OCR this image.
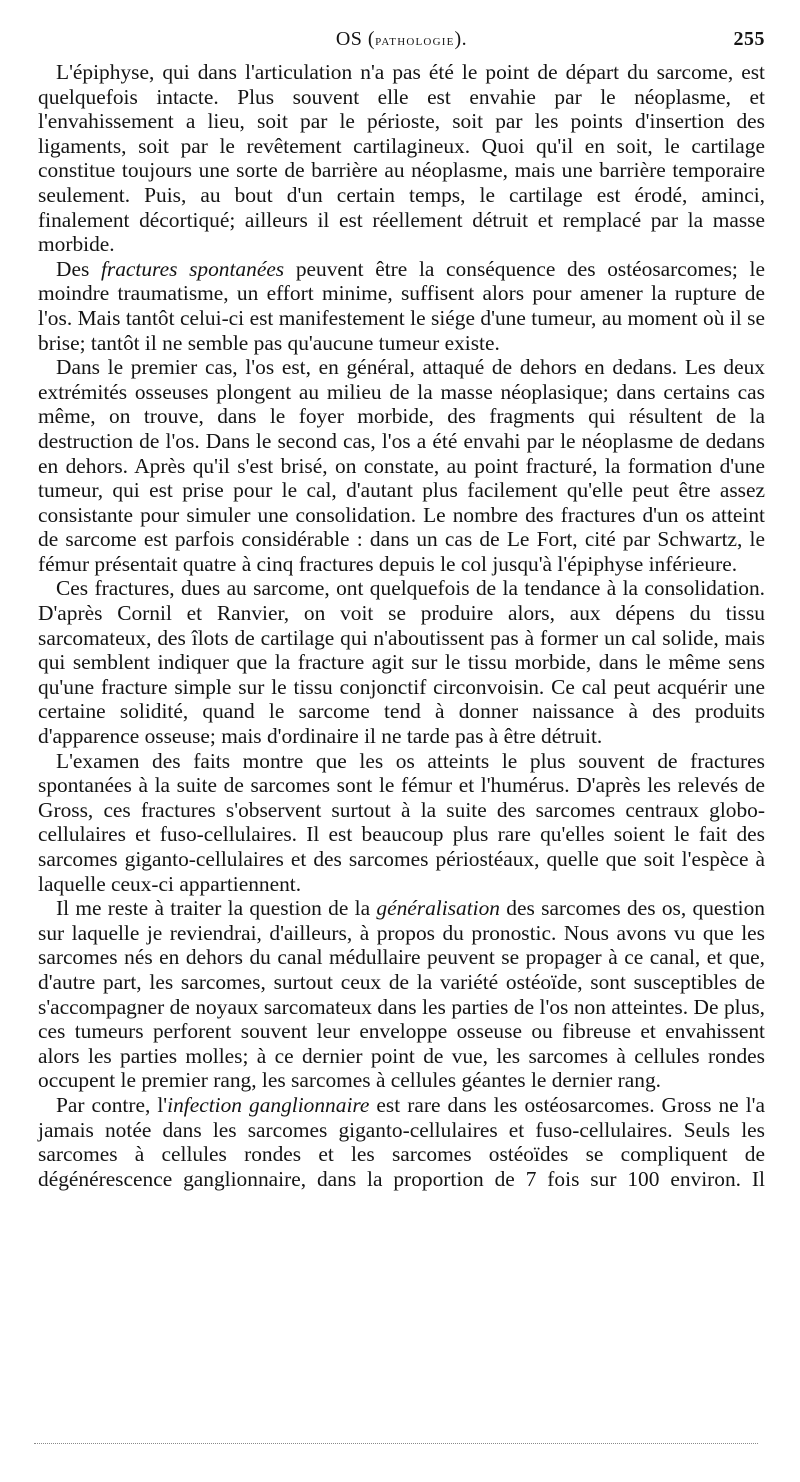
OS (pathologie).	255

L'épiphyse, qui dans l'articulation n'a pas été le point de départ du sarcome, est quelquefois intacte. Plus souvent elle est envahie par le néoplasme, et l'envahissement a lieu, soit par le périoste, soit par les points d'insertion des ligaments, soit par le revêtement cartilagineux. Quoi qu'il en soit, le cartilage constitue toujours une sorte de barrière au néoplasme, mais une barrière temporaire seulement. Puis, au bout d'un certain temps, le cartilage est érodé, aminci, finalement décortiqué; ailleurs il est réellement détruit et remplacé par la masse morbide.

Des fractures spontanées peuvent être la conséquence des ostéosarcomes; le moindre traumatisme, un effort minime, suffisent alors pour amener la rupture de l'os. Mais tantôt celui-ci est manifestement le siége d'une tumeur, au moment où il se brise; tantôt il ne semble pas qu'aucune tumeur existe.

Dans le premier cas, l'os est, en général, attaqué de dehors en dedans. Les deux extrémités osseuses plongent au milieu de la masse néoplasique; dans certains cas même, on trouve, dans le foyer morbide, des fragments qui résultent de la destruction de l'os. Dans le second cas, l'os a été envahi par le néoplasme de dedans en dehors. Après qu'il s'est brisé, on constate, au point fracturé, la formation d'une tumeur, qui est prise pour le cal, d'autant plus facilement qu'elle peut être assez consistante pour simuler une consolidation. Le nombre des fractures d'un os atteint de sarcome est parfois considérable : dans un cas de Le Fort, cité par Schwartz, le fémur présentait quatre à cinq fractures depuis le col jusqu'à l'épiphyse inférieure.

Ces fractures, dues au sarcome, ont quelquefois de la tendance à la consolidation. D'après Cornil et Ranvier, on voit se produire alors, aux dépens du tissu sarcomateux, des îlots de cartilage qui n'aboutissent pas à former un cal solide, mais qui semblent indiquer que la fracture agit sur le tissu morbide, dans le même sens qu'une fracture simple sur le tissu conjonctif circonvoisin. Ce cal peut acquérir une certaine solidité, quand le sarcome tend à donner naissance à des produits d'apparence osseuse; mais d'ordinaire il ne tarde pas à être détruit.

L'examen des faits montre que les os atteints le plus souvent de fractures spontanées à la suite de sarcomes sont le fémur et l'humérus. D'après les relevés de Gross, ces fractures s'observent surtout à la suite des sarcomes centraux globo-cellulaires et fuso-cellulaires. Il est beaucoup plus rare qu'elles soient le fait des sarcomes giganto-cellulaires et des sarcomes périostéaux, quelle que soit l'espèce à laquelle ceux-ci appartiennent.

Il me reste à traiter la question de la généralisation des sarcomes des os, question sur laquelle je reviendrai, d'ailleurs, à propos du pronostic. Nous avons vu que les sarcomes nés en dehors du canal médullaire peuvent se propager à ce canal, et que, d'autre part, les sarcomes, surtout ceux de la variété ostéoïde, sont susceptibles de s'accompagner de noyaux sarcomateux dans les parties de l'os non atteintes. De plus, ces tumeurs perforent souvent leur enveloppe osseuse ou fibreuse et envahissent alors les parties molles; à ce dernier point de vue, les sarcomes à cellules rondes occupent le premier rang, les sarcomes à cellules géantes le dernier rang.

Par contre, l'infection ganglionnaire est rare dans les ostéosarcomes. Gross ne l'a jamais notée dans les sarcomes giganto-cellulaires et fuso-cellulaires. Seuls les sarcomes à cellules rondes et les sarcomes ostéoïdes se compliquent de dégénérescence ganglionnaire, dans la proportion de 7 fois sur 100 environ. Il
